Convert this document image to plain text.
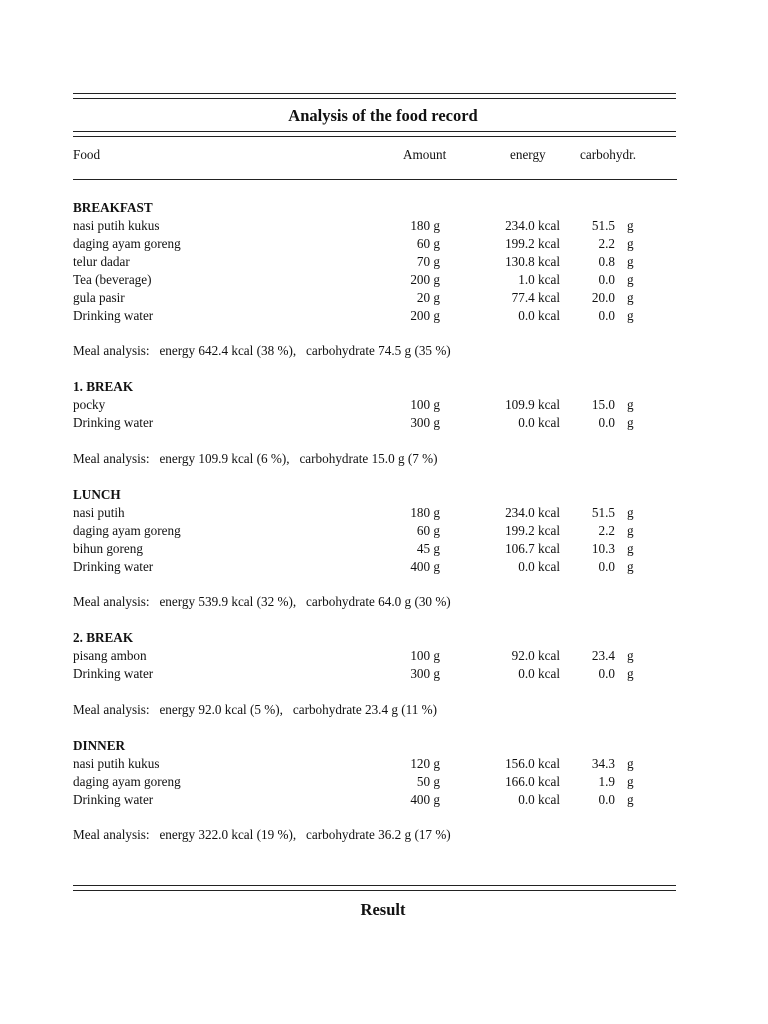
Analysis of the food record
Food	Amount	energy	carbohydr.
BREAKFAST
nasi putih kukus	180 g	234.0 kcal	51.5 g
daging ayam goreng	60 g	199.2 kcal	2.2 g
telur dadar	70 g	130.8 kcal	0.8 g
Tea (beverage)	200 g	1.0 kcal	0.0 g
gula pasir	20 g	77.4 kcal	20.0 g
Drinking water	200 g	0.0 kcal	0.0 g
Meal analysis: energy 642.4 kcal (38 %), carbohydrate 74.5 g (35 %)
1. BREAK
pocky	100 g	109.9 kcal	15.0 g
Drinking water	300 g	0.0 kcal	0.0 g
Meal analysis: energy 109.9 kcal (6 %), carbohydrate 15.0 g (7 %)
LUNCH
nasi putih	180 g	234.0 kcal	51.5 g
daging ayam goreng	60 g	199.2 kcal	2.2 g
bihun goreng	45 g	106.7 kcal	10.3 g
Drinking water	400 g	0.0 kcal	0.0 g
Meal analysis: energy 539.9 kcal (32 %), carbohydrate 64.0 g (30 %)
2. BREAK
pisang ambon	100 g	92.0 kcal	23.4 g
Drinking water	300 g	0.0 kcal	0.0 g
Meal analysis: energy 92.0 kcal (5 %), carbohydrate 23.4 g (11 %)
DINNER
nasi putih kukus	120 g	156.0 kcal	34.3 g
daging ayam goreng	50 g	166.0 kcal	1.9 g
Drinking water	400 g	0.0 kcal	0.0 g
Meal analysis: energy 322.0 kcal (19 %), carbohydrate 36.2 g (17 %)
Result
